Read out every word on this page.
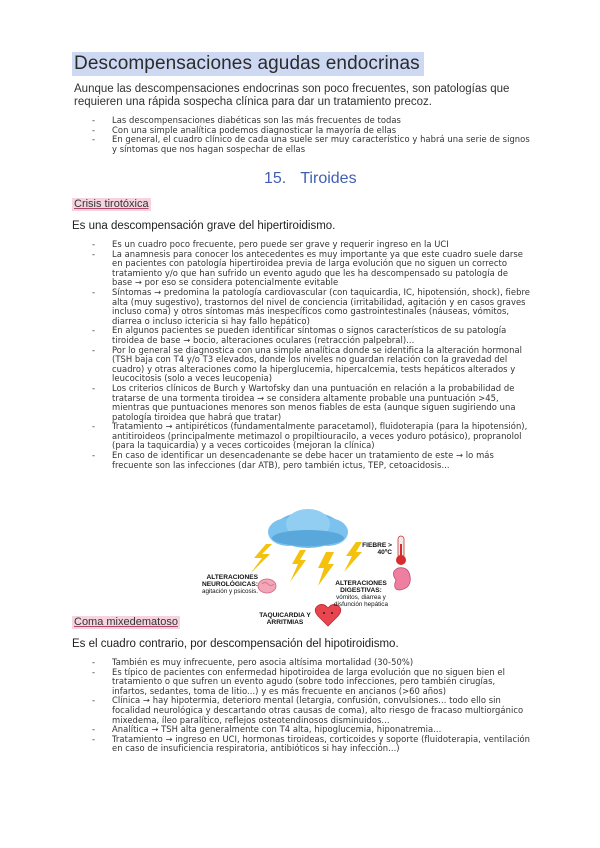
Descompensaciones agudas endocrinas
Aunque las descompensaciones endocrinas son poco frecuentes, son patologías que requieren una rápida sospecha clínica para dar un tratamiento precoz.
- Las descompensaciones diabéticas son las más frecuentes de todas
- Con una simple analítica podemos diagnosticar la mayoría de ellas
- En general, el cuadro clínico de cada una suele ser muy característico y habrá una serie de signos y síntomas que nos hagan sospechar de ellas
15. Tiroides
Crisis tirotóxica
Es una descompensación grave del hipertiroidismo.
- Es un cuadro poco frecuente, pero puede ser grave y requerir ingreso en la UCI
- La anamnesis para conocer los antecedentes es muy importante ya que este cuadro suele darse en pacientes con patología hipertiroidea previa de larga evolución que no siguen un correcto tratamiento y/o que han sufrido un evento agudo que les ha descompensado su patología de base → por eso se considera potencialmente evitable
- Síntomas → predomina la patología cardiovascular (con taquicardia, IC, hipotensión, shock), fiebre alta (muy sugestivo), trastornos del nivel de conciencia (irritabilidad, agitación y en casos graves incluso coma) y otros síntomas más inespecíficos como gastrointestinales (náuseas, vómitos, diarrea o incluso ictericia si hay fallo hepático)
- En algunos pacientes se pueden identificar síntomas o signos característicos de su patología tiroidea de base → bocio, alteraciones oculares (retracción palpebral)...
- Por lo general se diagnostica con una simple analítica donde se identifica la alteración hormonal (TSH baja con T4 y/o T3 elevados, donde los niveles no guardan relación con la gravedad del cuadro) y otras alteraciones como la hiperglucemia, hipercalcemia, tests hepáticos alterados y leucocitosis (solo a veces leucopenia)
- Los criterios clínicos de Burch y Wartofsky dan una puntuación en relación a la probabilidad de tratarse de una tormenta tiroidea → se considera altamente probable una puntuación >45, mientras que puntuaciones menores son menos fiables de esta (aunque siguen sugiriendo una patología tiroidea que habrá que tratar)
- Tratamiento → antipiréticos (fundamentalmente paracetamol), fluidoterapia (para la hipotensión), antitiroideos (principalmente metimazol o propiltiouracilo, a veces yoduro potásico), propranolol (para la taquicardia) y a veces corticoides (mejoran la clínica)
- En caso de identificar un desencadenante se debe hacer un tratamiento de este → lo más frecuente son las infecciones (dar ATB), pero también ictus, TEP, cetoacidosis...
FIEBRE >
40ºC
ALTERACIONES NEUROLÓGICAS:
agitación y psicosis.
ALTERACIONES DIGESTIVAS:
vómitos, diarrea y disfunción hepática
TAQUICARDIA Y ARRITMIAS
Coma mixedematoso
Es el cuadro contrario, por descompensación del hipotiroidismo.
- También es muy infrecuente, pero asocia altísima mortalidad (30-50%)
- Es típico de pacientes con enfermedad hipotiroidea de larga evolución que no siguen bien el tratamiento o que sufren un evento agudo (sobre todo infecciones, pero también cirugías, infartos, sedantes, toma de litio...) y es más frecuente en ancianos (>60 años)
- Clínica → hay hipotermia, deterioro mental (letargia, confusión, convulsiones... todo ello sin focalidad neurológica y descartando otras causas de coma), alto riesgo de fracaso multiorgánico mixedema, íleo paralítico, reflejos osteotendinosos disminuidos...
- Analítica → TSH alta generalmente con T4 alta, hipoglucemia, hiponatremia...
- Tratamiento → ingreso en UCI, hormonas tiroideas, corticoides y soporte (fluidoterapia, ventilación en caso de insuficiencia respiratoria, antibióticos si hay infección...)
